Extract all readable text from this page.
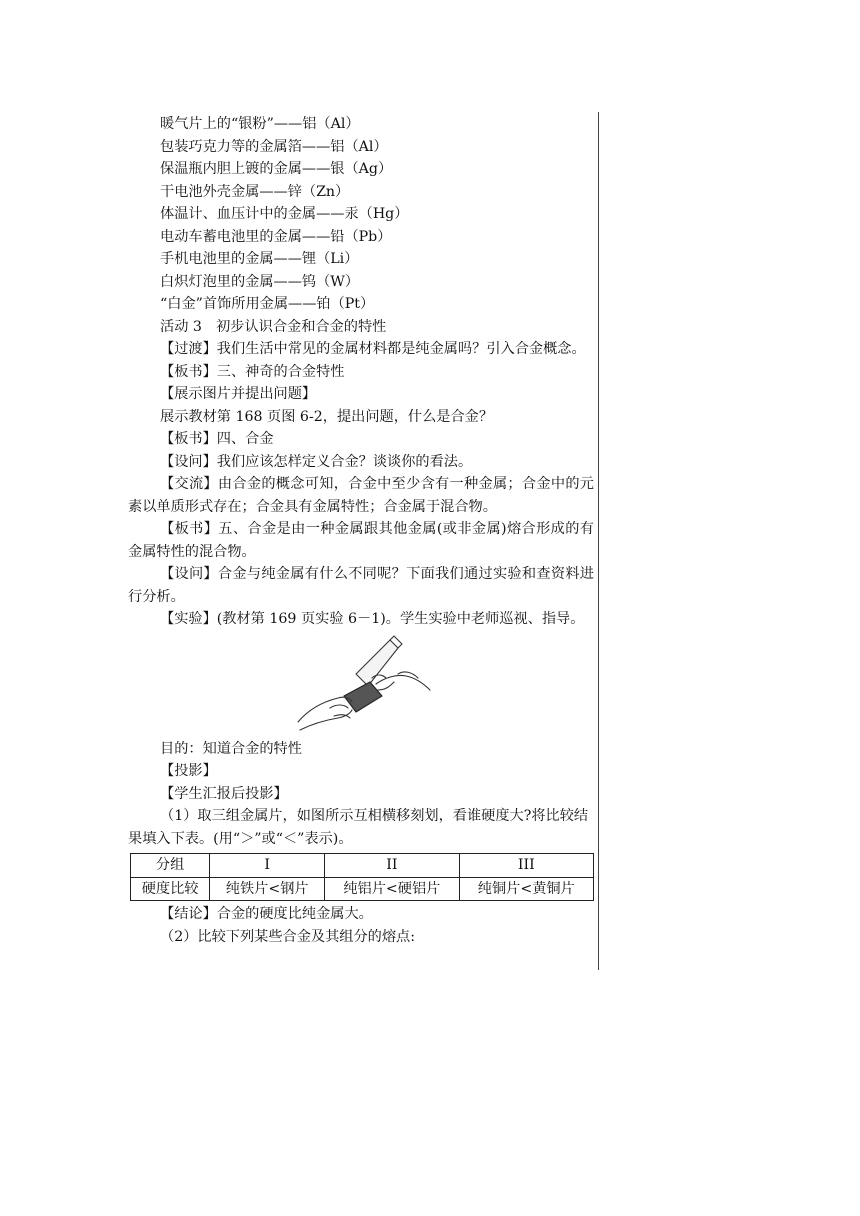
暖气片上的“银粉”——铝（Al）
包装巧克力等的金属箔——铝（Al）
保温瓶内胆上镀的金属——银（Ag）
干电池外壳金属——锌（Zn）
体温计、血压计中的金属——汞（Hg）
电动车蓄电池里的金属——铅（Pb）
手机电池里的金属——锂（Li）
白炽灯泡里的金属——钨（W）
“白金”首饰所用金属——铂（Pt）
活动 3　初步认识合金和合金的特性
【过渡】我们生活中常见的金属材料都是纯金属吗？引入合金概念。
【板书】三、神奇的合金特性
【展示图片并提出问题】
展示教材第 168 页图 6-2，提出问题，什么是合金？
【板书】四、合金
【设问】我们应该怎样定义合金？谈谈你的看法。
【交流】由合金的概念可知，合金中至少含有一种金属；合金中的元素以单质形式存在；合金具有金属特性；合金属于混合物。
【板书】五、合金是由一种金属跟其他金属(或非金属)熔合形成的有金属特性的混合物。
【设问】合金与纯金属有什么不同呢？下面我们通过实验和查资料进行分析。
【实验】(教材第 169 页实验 6－1)。学生实验中老师巡视、指导。
目的：知道合金的特性
【投影】
【学生汇报后投影】
（1）取三组金属片，如图所示互相横移刻划，看谁硬度大?将比较结果填入下表。(用“＞”或“＜”表示)。
分组	I	II	III
硬度比较	纯铁片<钢片	纯铝片<硬铝片	纯铜片<黄铜片
【结论】合金的硬度比纯金属大。
（2）比较下列某些合金及其组分的熔点:
